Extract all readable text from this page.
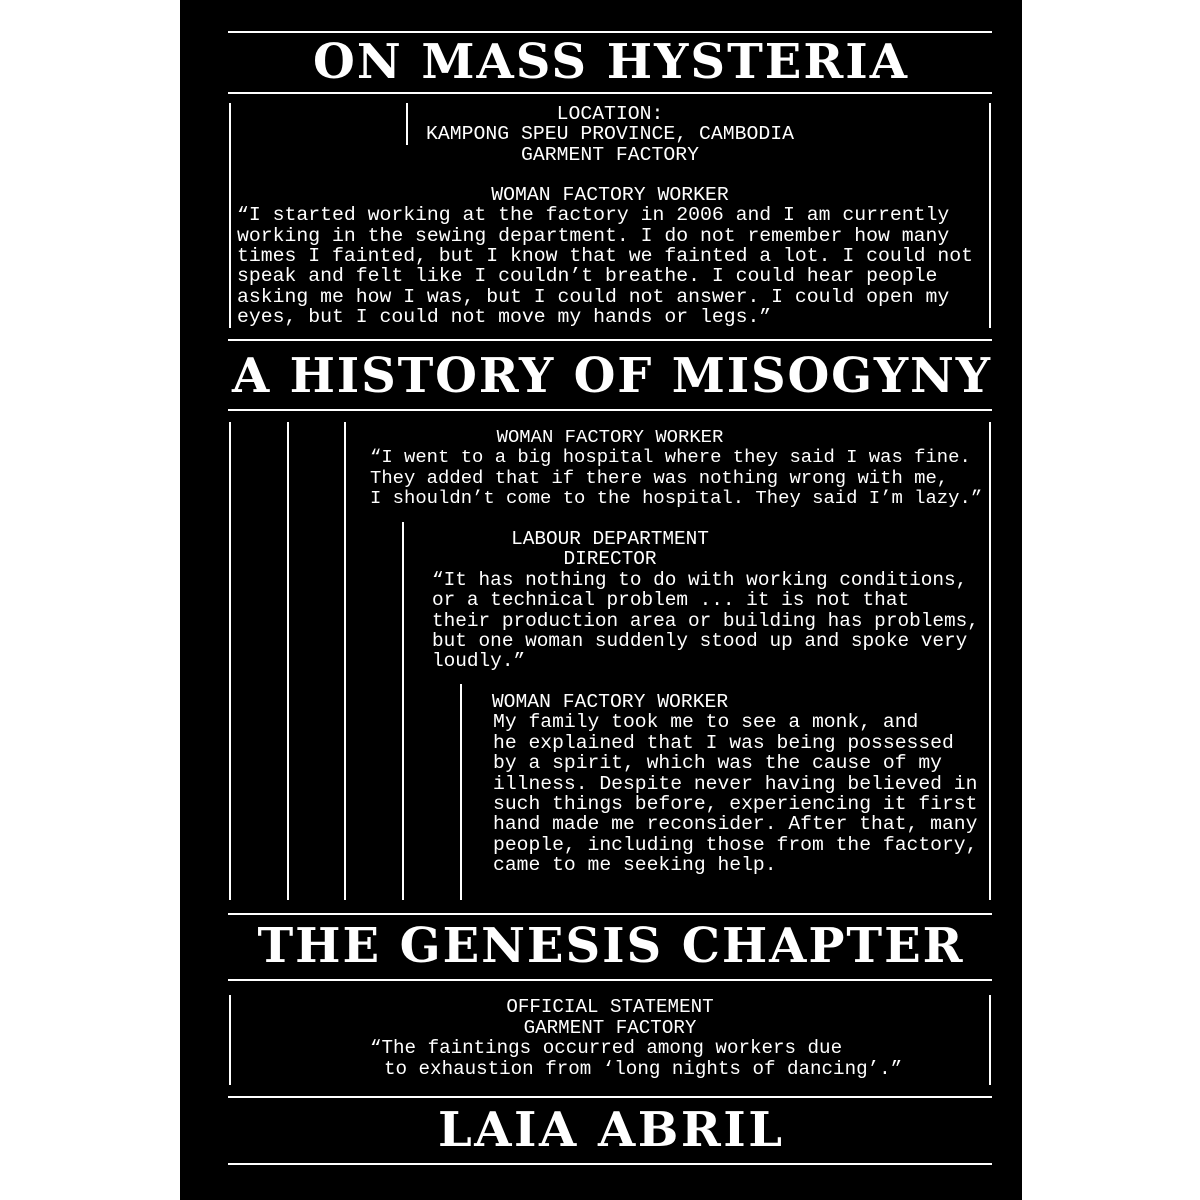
ON MASS HYSTERIA
A HISTORY OF MISOGYNY
THE GENESIS CHAPTER
LAIA ABRIL
LOCATION:
KAMPONG SPEU PROVINCE, CAMBODIA
GARMENT FACTORY
WOMAN FACTORY WORKER
“I started working at the factory in 2006 and I am currently
working in the sewing department. I do not remember how many
times I fainted, but I know that we fainted a lot. I could not
speak and felt like I couldn’t breathe. I could hear people
asking me how I was, but I could not answer. I could open my
eyes, but I could not move my hands or legs.”
WOMAN FACTORY WORKER
“I went to a big hospital where they said I was fine.
They added that if there was nothing wrong with me,
I shouldn’t come to the hospital. They said I’m lazy.”
LABOUR DEPARTMENT
DIRECTOR
“It has nothing to do with working conditions,
or a technical problem ... it is not that
their production area or building has problems,
but one woman suddenly stood up and spoke very
loudly.”
WOMAN FACTORY WORKER
My family took me to see a monk, and
he explained that I was being possessed
by a spirit, which was the cause of my
illness. Despite never having believed in
such things before, experiencing it first
hand made me reconsider. After that, many
people, including those from the factory,
came to me seeking help.
OFFICIAL STATEMENT
GARMENT FACTORY
“The faintings occurred among workers due
to exhaustion from ‘long nights of dancing’.”
